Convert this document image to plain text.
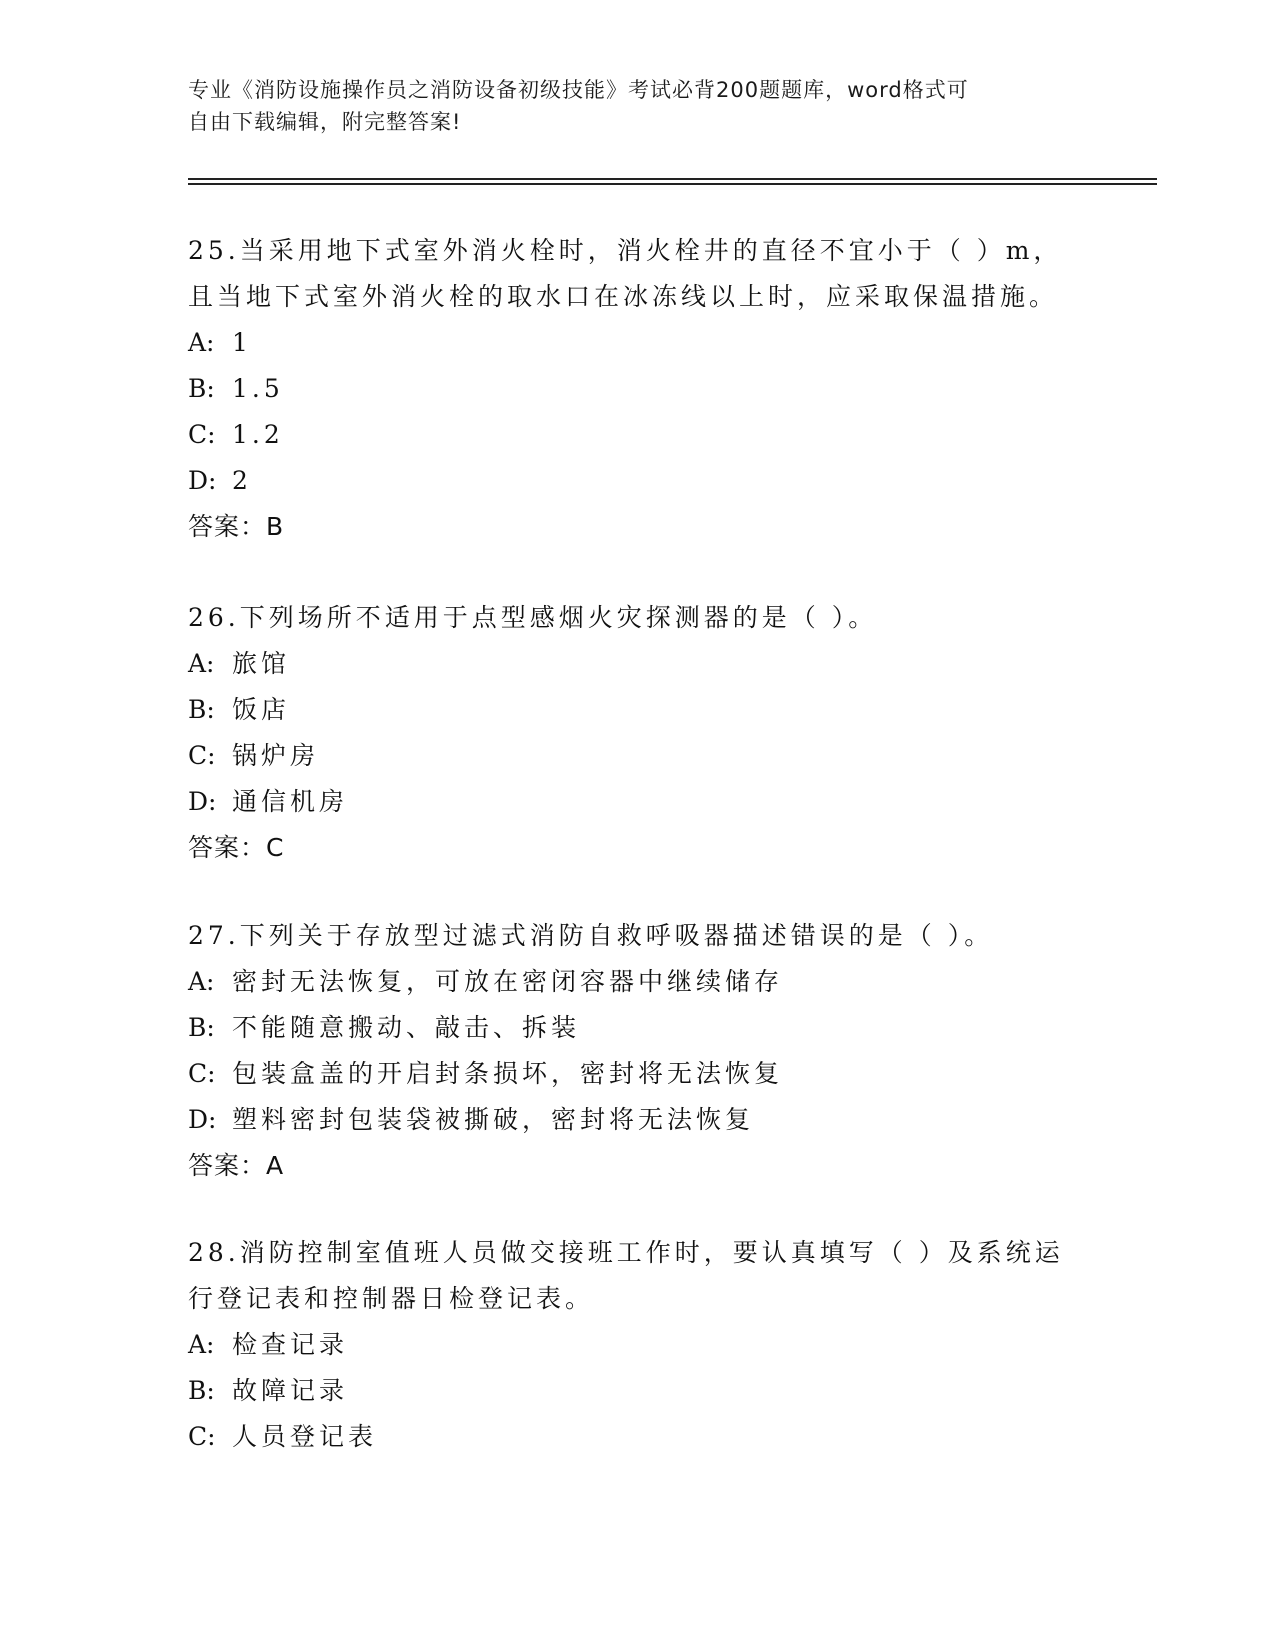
专业《消防设施操作员之消防设备初级技能》考试必背200题题库，word格式可
自由下载编辑，附完整答案!

25.当采用地下式室外消火栓时，消火栓井的直径不宜小于（ ）m，且当地下式室外消火栓的取水口在冰冻线以上时，应采取保温措施。

A: 1

B: 1.5

C: 1.2

D: 2

答案：B

26.下列场所不适用于点型感烟火灾探测器的是（ ）。

A: 旅馆

B: 饭店

C: 锅炉房

D: 通信机房

答案：C

27.下列关于存放型过滤式消防自救呼吸器描述错误的是（ ）。

A: 密封无法恢复，可放在密闭容器中继续储存

B: 不能随意搬动、敲击、拆装

C: 包装盒盖的开启封条损坏，密封将无法恢复

D: 塑料密封包装袋被撕破，密封将无法恢复

答案：A

28.消防控制室值班人员做交接班工作时，要认真填写（ ）及系统运行登记表和控制器日检登记表。

A: 检查记录

B: 故障记录

C: 人员登记表
